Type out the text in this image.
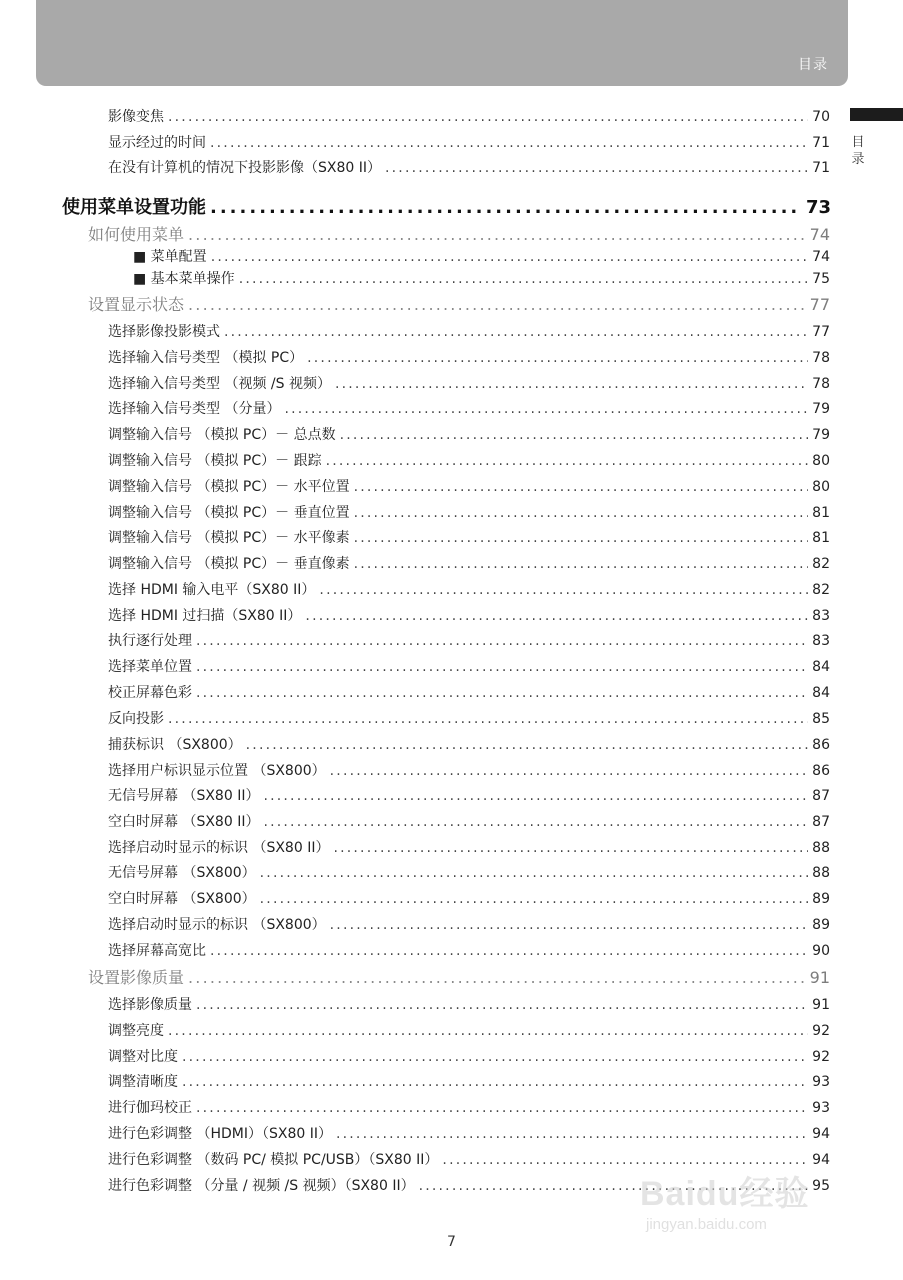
目录
目录
影像变焦 .....	70
显示经过的时间 .....	71
在没有计算机的情况下投影影像（SX80 II） .....	71
使用菜单设置功能 .....	73
如何使用菜单 .....	74
■ 菜单配置 .....	74
■ 基本菜单操作 .....	75
设置显示状态 .....	77
选择影像投影模式 .....	77
选择输入信号类型 （模拟 PC） .....	78
选择输入信号类型 （视频 /S 视频） .....	78
选择输入信号类型 （分量） .....	79
调整输入信号 （模拟 PC）－ 总点数 .....	79
调整输入信号 （模拟 PC）－ 跟踪 .....	80
调整输入信号 （模拟 PC）－ 水平位置 .....	80
调整输入信号 （模拟 PC）－ 垂直位置 .....	81
调整输入信号 （模拟 PC）－ 水平像素 .....	81
调整输入信号 （模拟 PC）－ 垂直像素 .....	82
选择 HDMI 输入电平（SX80 II） .....	82
选择 HDMI 过扫描（SX80 II） .....	83
执行逐行处理 .....	83
选择菜单位置 .....	84
校正屏幕色彩 .....	84
反向投影 .....	85
捕获标识 （SX800） .....	86
选择用户标识显示位置 （SX800） .....	86
无信号屏幕 （SX80 II） .....	87
空白时屏幕 （SX80 II） .....	87
选择启动时显示的标识 （SX80 II） .....	88
无信号屏幕 （SX800） .....	88
空白时屏幕 （SX800） .....	89
选择启动时显示的标识 （SX800） .....	89
选择屏幕高宽比 .....	90
设置影像质量 .....	91
选择影像质量 .....	91
调整亮度 .....	92
调整对比度 .....	92
调整清晰度 .....	93
进行伽玛校正 .....	93
进行色彩调整 （HDMI）（SX80 II） .....	94
进行色彩调整 （数码 PC/ 模拟 PC/USB）（SX80 II） .....	94
进行色彩调整 （分量 / 视频 /S 视频）（SX80 II） .....	95
7
Baidu经验
jingyan.baidu.com
